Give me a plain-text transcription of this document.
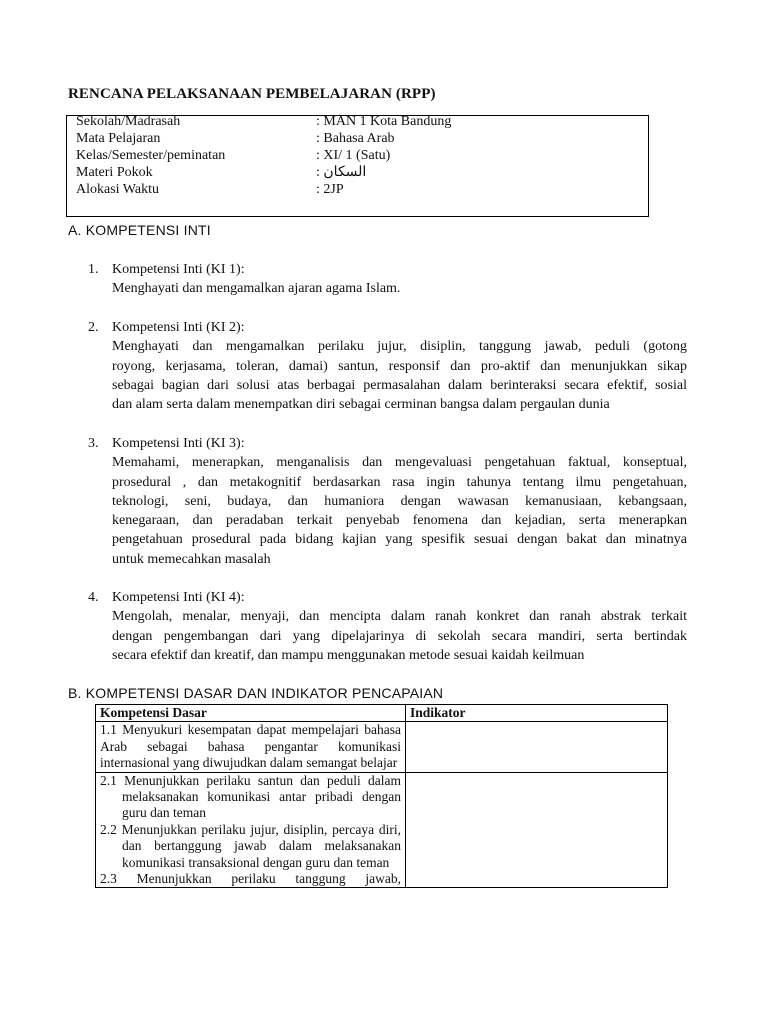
RENCANA PELAKSANAAN PEMBELAJARAN (RPP)
Sekolah/Madrasah	: MAN 1 Kota Bandung
Mata Pelajaran	: Bahasa Arab
Kelas/Semester/peminatan	: XI/ 1 (Satu)
Materi Pokok	: السكان
Alokasi Waktu	: 2JP
A. KOMPETENSI INTI
1. Kompetensi Inti (KI 1):
Menghayati dan mengamalkan ajaran agama Islam.
2. Kompetensi Inti (KI 2):
Menghayati dan mengamalkan perilaku jujur, disiplin, tanggung jawab, peduli (gotong
royong, kerjasama, toleran, damai) santun, responsif dan pro-aktif dan menunjukkan sikap
sebagai bagian dari solusi atas berbagai permasalahan dalam berinteraksi secara efektif, sosial
dan alam serta dalam menempatkan diri sebagai cerminan bangsa dalam pergaulan dunia
3. Kompetensi Inti (KI 3):
Memahami, menerapkan, menganalisis dan mengevaluasi pengetahuan faktual, konseptual,
prosedural , dan metakognitif berdasarkan rasa ingin tahunya tentang ilmu pengetahuan,
teknologi, seni, budaya, dan humaniora dengan wawasan kemanusiaan, kebangsaan,
kenegaraan, dan peradaban terkait penyebab fenomena dan kejadian, serta menerapkan
pengetahuan prosedural pada bidang kajian yang spesifik sesuai dengan bakat dan minatnya
untuk memecahkan masalah
4. Kompetensi Inti (KI 4):
Mengolah, menalar, menyaji, dan mencipta dalam ranah konkret dan ranah abstrak terkait
dengan pengembangan dari yang dipelajarinya di sekolah secara mandiri, serta bertindak
secara efektif dan kreatif, dan mampu menggunakan metode sesuai kaidah keilmuan
B. KOMPETENSI DASAR DAN INDIKATOR PENCAPAIAN
Kompetensi Dasar	Indikator

1.1 Menyukuri kesempatan dapat mempelajari bahasa Arab sebagai bahasa pengantar komunikasi internasional yang diwujudkan dalam semangat belajar	

2.1 Menunjukkan perilaku santun dan peduli dalam melaksanakan komunikasi antar pribadi dengan guru dan teman
2.2 Menunjukkan perilaku jujur, disiplin, percaya diri, dan bertanggung jawab dalam melaksanakan komunikasi transaksional dengan guru dan teman
2.3 Menunjukkan perilaku tanggung jawab,	
